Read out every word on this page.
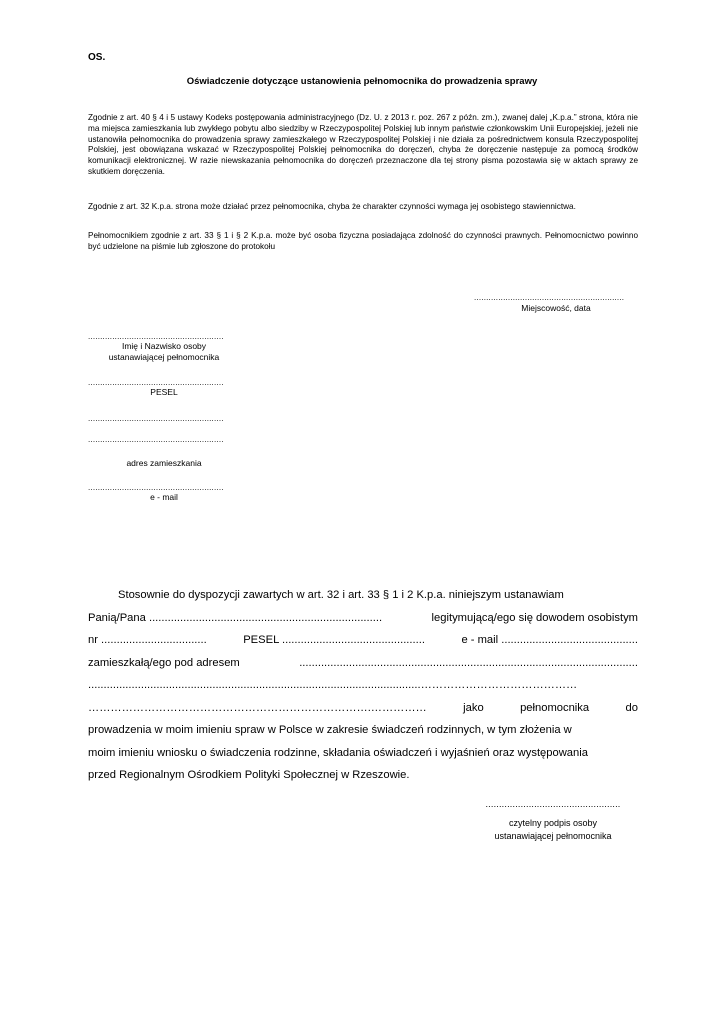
OS.
Oświadczenie dotyczące ustanowienia pełnomocnika do prowadzenia sprawy
Zgodnie z art. 40 § 4 i 5 ustawy Kodeks postępowania administracyjnego (Dz. U. z 2013 r. poz. 267 z późn. zm.), zwanej dalej „K.p.a.” strona, która nie ma miejsca zamieszkania lub zwykłego pobytu albo siedziby w Rzeczypospolitej Polskiej lub innym państwie członkowskim Unii Europejskiej, jeżeli nie ustanowiła pełnomocnika do prowadzenia sprawy zamieszkałego w Rzeczypospolitej Polskiej i nie działa za pośrednictwem konsula Rzeczypospolitej Polskiej, jest obowiązana wskazać w Rzeczypospolitej Polskiej pełnomocnika do doręczeń, chyba że doręczenie następuje za pomocą środków komunikacji elektronicznej. W razie niewskazania pełnomocnika do doręczeń przeznaczone dla tej strony pisma pozostawia się w aktach sprawy ze skutkiem doręczenia.
Zgodnie z art. 32 K.p.a. strona może działać przez pełnomocnika, chyba że charakter czynności wymaga jej osobistego stawiennictwa.
Pełnomocnikiem zgodnie z art. 33 § 1 i § 2 K.p.a. może być osoba fizyczna posiadająca zdolność do czynności prawnych. Pełnomocnictwo powinno być udzielone na piśmie lub zgłoszone do protokołu
..............................................................
Miejscowość, data
........................................................
Imię i Nazwisko osoby
ustanawiającej pełnomocnika
........................................................
PESEL
........................................................
........................................................
adres zamieszkania
........................................................
e - mail
Stosownie do dyspozycji zawartych w art. 32 i art. 33 § 1 i 2 K.p.a. niniejszym ustanawiam
Panią/Pana ...........................................................................	legitymującą/ego się dowodem osobistym
nr ..................................	PESEL ..............................................	e - mail ............................................
zamieszkałą/ego pod adresem	.............................................................................................................
...........................................................................................................……………………………………
………………………………………………………………….……………	jako	pełnomocnika	do
prowadzenia w moim imieniu spraw w Polsce w zakresie świadczeń rodzinnych, w tym złożenia w
moim imieniu wniosku o świadczenia rodzinne, składania oświadczeń i wyjaśnień oraz występowania
przed Regionalnym Ośrodkiem Polityki Społecznej w Rzeszowie.
..................................................
czytelny podpis osoby
ustanawiającej pełnomocnika
